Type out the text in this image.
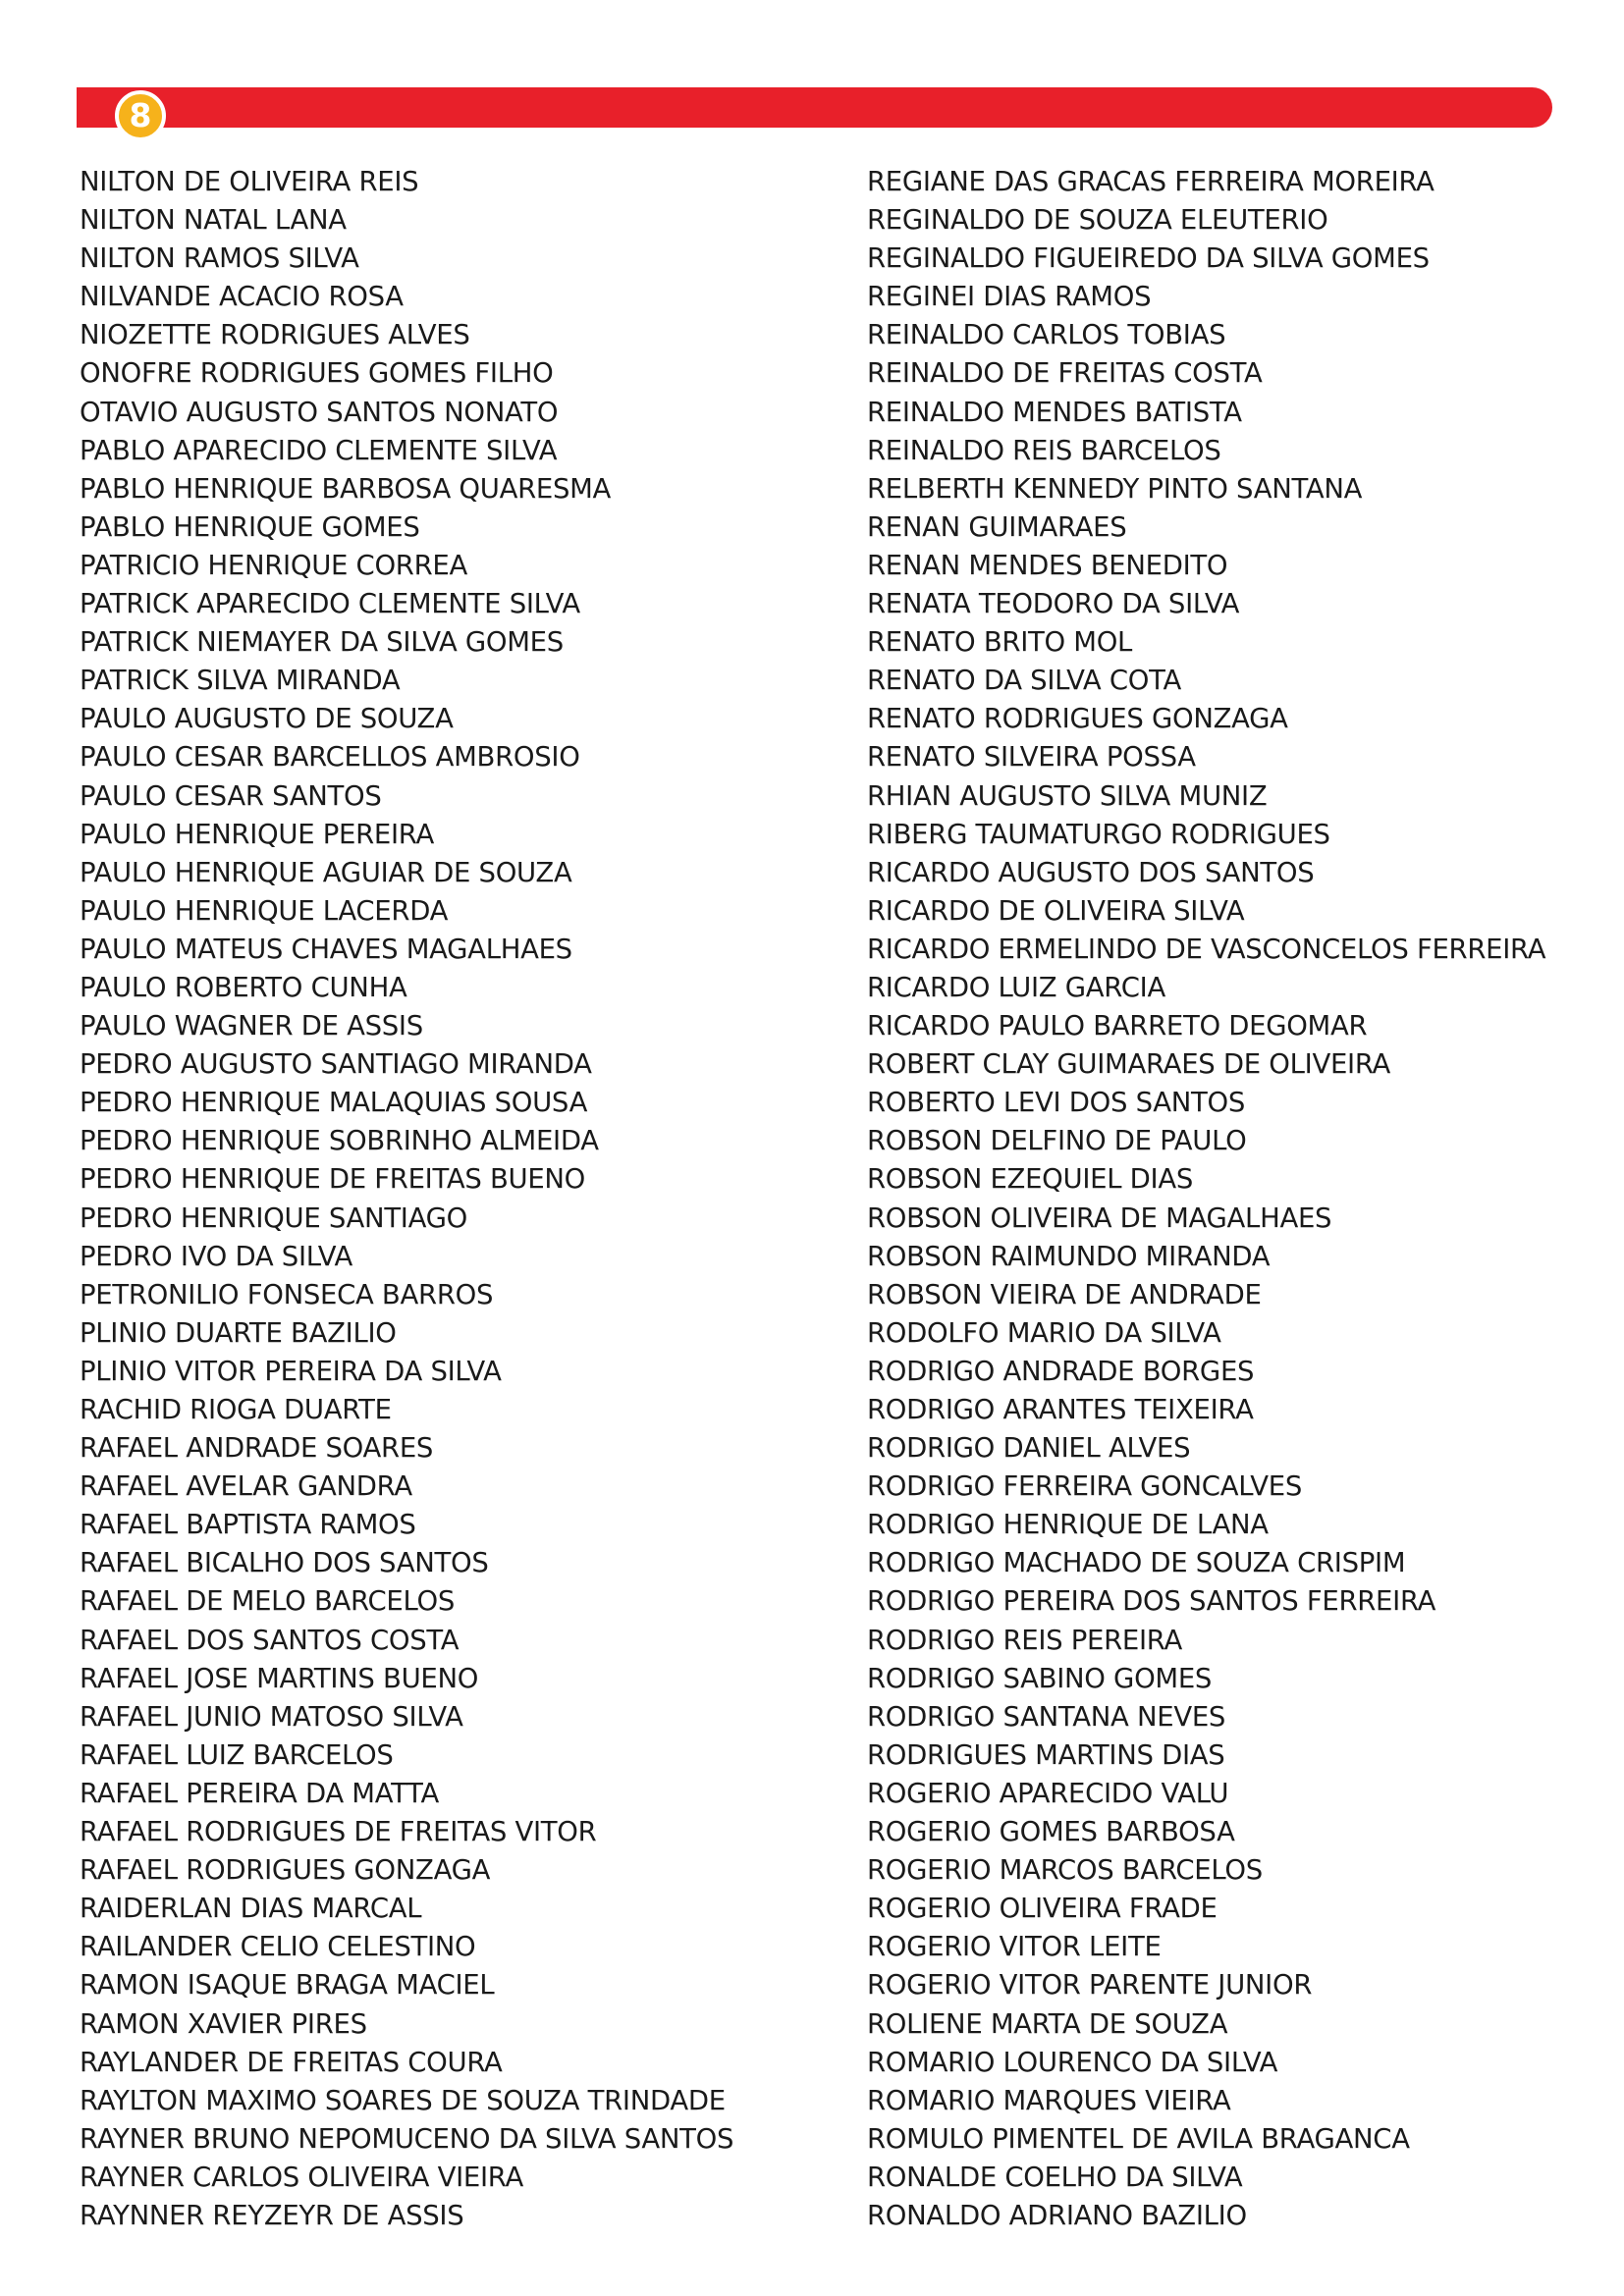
8
NILTON DE OLIVEIRA REIS
NILTON NATAL LANA
NILTON RAMOS SILVA
NILVANDE ACACIO ROSA
NIOZETTE RODRIGUES ALVES
ONOFRE RODRIGUES GOMES FILHO
OTAVIO AUGUSTO SANTOS NONATO
PABLO APARECIDO CLEMENTE SILVA
PABLO HENRIQUE BARBOSA QUARESMA
PABLO HENRIQUE GOMES
PATRICIO HENRIQUE CORREA
PATRICK APARECIDO CLEMENTE SILVA
PATRICK NIEMAYER DA SILVA GOMES
PATRICK SILVA MIRANDA
PAULO AUGUSTO DE SOUZA
PAULO CESAR BARCELLOS AMBROSIO
PAULO CESAR SANTOS
PAULO HENRIQUE PEREIRA
PAULO HENRIQUE AGUIAR DE SOUZA
PAULO HENRIQUE LACERDA
PAULO MATEUS CHAVES MAGALHAES
PAULO ROBERTO CUNHA
PAULO WAGNER DE ASSIS
PEDRO AUGUSTO SANTIAGO MIRANDA
PEDRO HENRIQUE MALAQUIAS SOUSA
PEDRO HENRIQUE SOBRINHO ALMEIDA
PEDRO HENRIQUE DE FREITAS BUENO
PEDRO HENRIQUE SANTIAGO
PEDRO IVO DA SILVA
PETRONILIO FONSECA BARROS
PLINIO DUARTE BAZILIO
PLINIO VITOR PEREIRA DA SILVA
RACHID RIOGA DUARTE
RAFAEL ANDRADE SOARES
RAFAEL AVELAR GANDRA
RAFAEL BAPTISTA RAMOS
RAFAEL BICALHO DOS SANTOS
RAFAEL DE MELO BARCELOS
RAFAEL DOS SANTOS COSTA
RAFAEL JOSE MARTINS BUENO
RAFAEL JUNIO MATOSO SILVA
RAFAEL LUIZ BARCELOS
RAFAEL PEREIRA DA MATTA
RAFAEL RODRIGUES DE FREITAS VITOR
RAFAEL RODRIGUES GONZAGA
RAIDERLAN DIAS MARCAL
RAILANDER CELIO CELESTINO
RAMON ISAQUE BRAGA MACIEL
RAMON XAVIER PIRES
RAYLANDER DE FREITAS COURA
RAYLTON MAXIMO SOARES DE SOUZA TRINDADE
RAYNER BRUNO NEPOMUCENO DA SILVA SANTOS
RAYNER CARLOS OLIVEIRA VIEIRA
RAYNNER REYZEYR DE ASSIS
REGIANE DAS GRACAS FERREIRA MOREIRA
REGINALDO DE SOUZA ELEUTERIO
REGINALDO FIGUEIREDO DA SILVA GOMES
REGINEI DIAS RAMOS
REINALDO CARLOS TOBIAS
REINALDO DE FREITAS COSTA
REINALDO MENDES BATISTA
REINALDO REIS BARCELOS
RELBERTH KENNEDY PINTO SANTANA
RENAN GUIMARAES
RENAN MENDES BENEDITO
RENATA TEODORO DA SILVA
RENATO BRITO MOL
RENATO DA SILVA COTA
RENATO RODRIGUES GONZAGA
RENATO SILVEIRA POSSA
RHIAN AUGUSTO SILVA MUNIZ
RIBERG TAUMATURGO RODRIGUES
RICARDO AUGUSTO DOS SANTOS
RICARDO DE OLIVEIRA SILVA
RICARDO ERMELINDO DE VASCONCELOS FERREIRA
RICARDO LUIZ GARCIA
RICARDO PAULO BARRETO DEGOMAR
ROBERT CLAY GUIMARAES DE OLIVEIRA
ROBERTO LEVI DOS SANTOS
ROBSON DELFINO DE PAULO
ROBSON EZEQUIEL DIAS
ROBSON OLIVEIRA DE MAGALHAES
ROBSON RAIMUNDO MIRANDA
ROBSON VIEIRA DE ANDRADE
RODOLFO MARIO DA SILVA
RODRIGO ANDRADE BORGES
RODRIGO ARANTES TEIXEIRA
RODRIGO DANIEL ALVES
RODRIGO FERREIRA GONCALVES
RODRIGO HENRIQUE DE LANA
RODRIGO MACHADO DE SOUZA CRISPIM
RODRIGO PEREIRA DOS SANTOS FERREIRA
RODRIGO REIS PEREIRA
RODRIGO SABINO GOMES
RODRIGO SANTANA NEVES
RODRIGUES MARTINS DIAS
ROGERIO APARECIDO VALU
ROGERIO GOMES BARBOSA
ROGERIO MARCOS BARCELOS
ROGERIO OLIVEIRA FRADE
ROGERIO VITOR LEITE
ROGERIO VITOR PARENTE JUNIOR
ROLIENE MARTA DE SOUZA
ROMARIO LOURENCO DA SILVA
ROMARIO MARQUES VIEIRA
ROMULO PIMENTEL DE AVILA BRAGANCA
RONALDE COELHO DA SILVA
RONALDO ADRIANO BAZILIO
